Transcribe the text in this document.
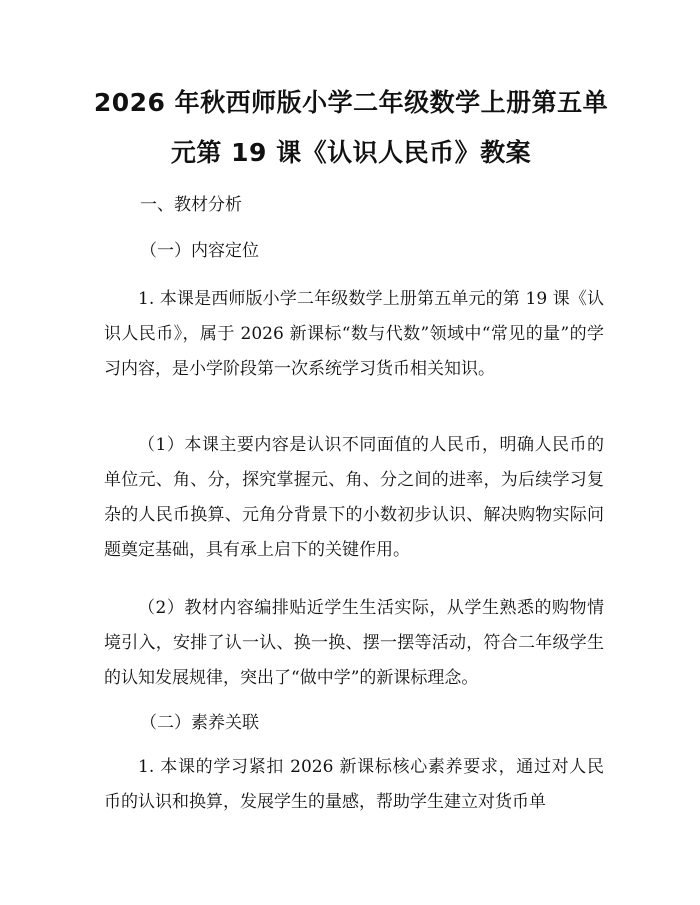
2026 年秋西师版小学二年级数学上册第五单
元第 19 课《认识人民币》教案
一、教材分析
（一）内容定位
1. 本课是西师版小学二年级数学上册第五单元的第 19 课《认识人民币》，属于 2026 新课标“数与代数”领域中“常见的量”的学习内容，是小学阶段第一次系统学习货币相关知识。
（1）本课主要内容是认识不同面值的人民币，明确人民币的单位元、角、分，探究掌握元、角、分之间的进率，为后续学习复杂的人民币换算、元角分背景下的小数初步认识、解决购物实际问题奠定基础，具有承上启下的关键作用。
（2）教材内容编排贴近学生生活实际，从学生熟悉的购物情境引入，安排了认一认、换一换、摆一摆等活动，符合二年级学生的认知发展规律，突出了“做中学”的新课标理念。
（二）素养关联
1. 本课的学习紧扣 2026 新课标核心素养要求，通过对人民币的认识和换算，发展学生的量感，帮助学生建立对货币单
